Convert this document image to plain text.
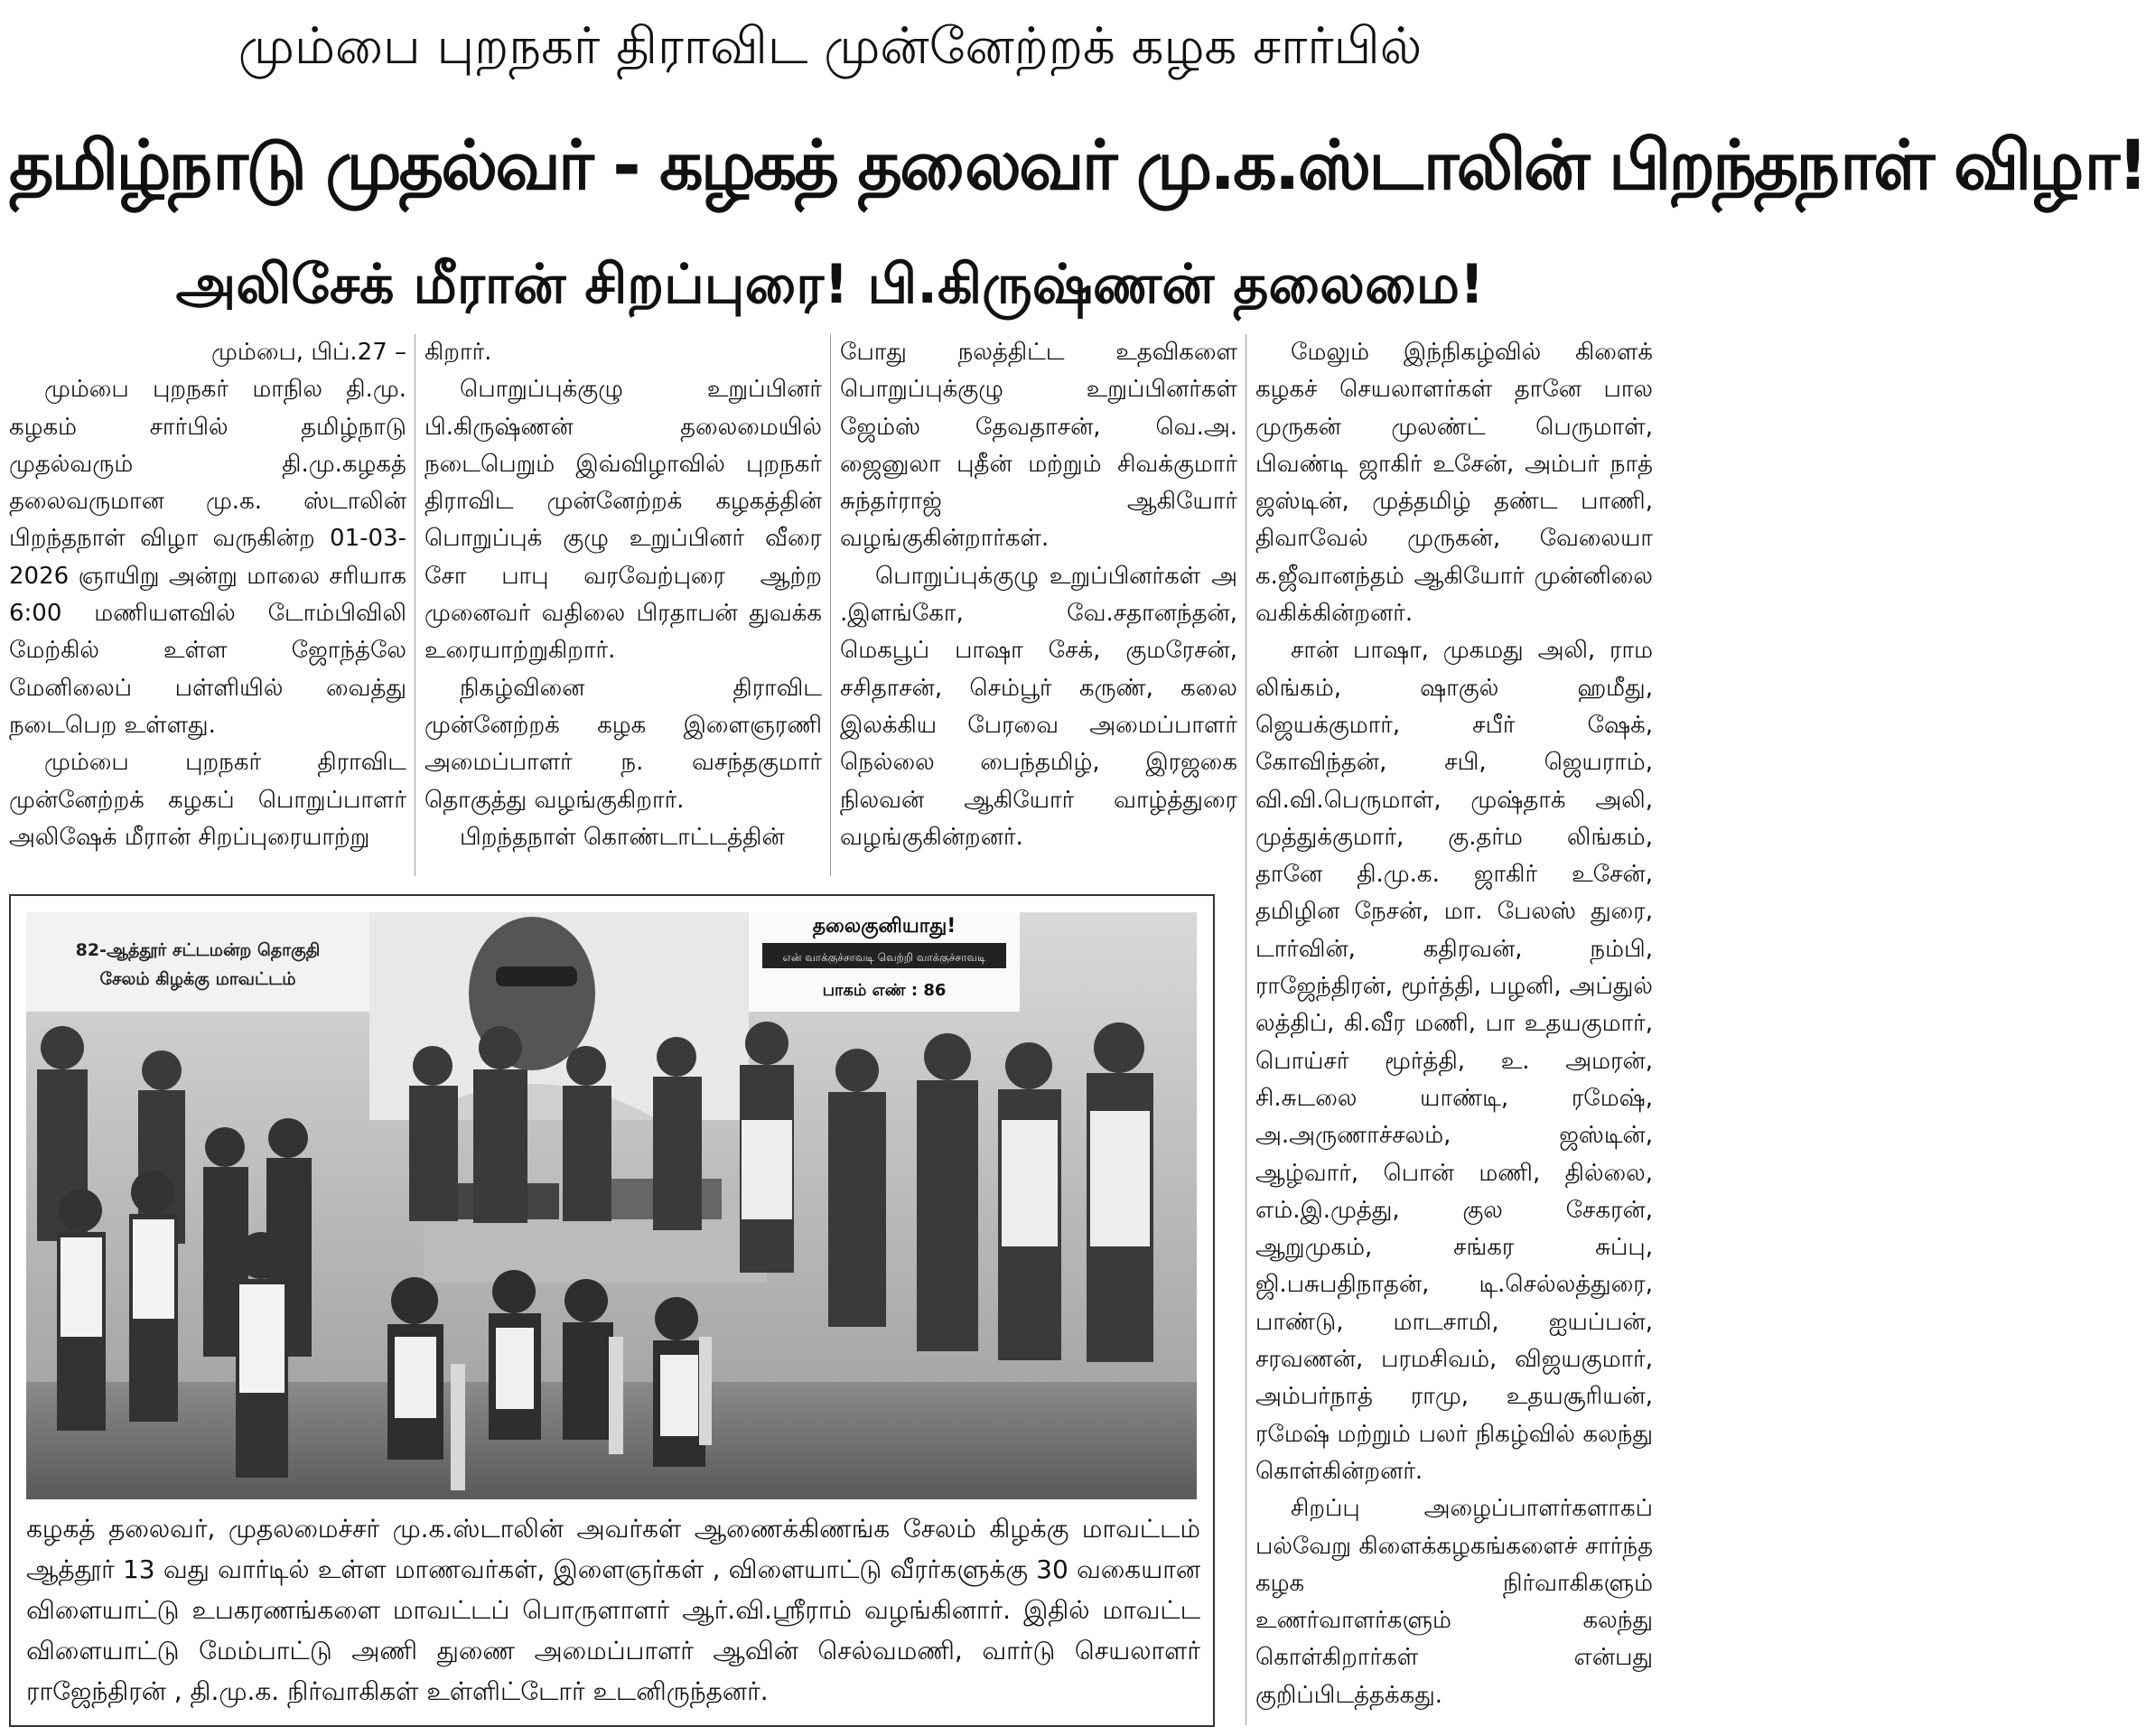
மும்பை புறநகர் திராவிட முன்னேற்றக் கழக சார்பில்
தமிழ்நாடு முதல்வர் - கழகத் தலைவர் மு.க.ஸ்டாலின் பிறந்தநாள் விழா!
அலிசேக் மீரான் சிறப்புரை! பி.கிருஷ்ணன் தலைமை!

மும்பை, பிப்.27 –

மும்பை புறநகர் மாநில தி.மு. கழகம் சார்பில் தமிழ்நாடு முதல்வரும் தி.மு.கழகத் தலைவருமான மு.க. ஸ்டாலின் பிறந்தநாள் விழா வருகின்ற 01-03-2026 ஞாயிறு அன்று மாலை சரியாக 6:00 மணியளவில் டோம்பிவிலி மேற்கில் உள்ள ஜோந்த்லே மேனிலைப் பள்ளியில் வைத்து நடைபெற உள்ளது.

மும்பை புறநகர் திராவிட முன்னேற்றக் கழகப் பொறுப்பாளர் அலிஷேக் மீரான் சிறப்புரையாற்று

கிறார்.

பொறுப்புக்குழு உறுப்பினர் பி.கிருஷ்ணன் தலைமையில் நடைபெறும் இவ்விழாவில் புறநகர் திராவிட முன்னேற்றக் கழகத்தின் பொறுப்புக் குழு உறுப்பினர் வீரை சோ பாபு வரவேற்புரை ஆற்ற முனைவர் வதிலை பிரதாபன் துவக்க உரையாற்றுகிறார்.

நிகழ்வினை திராவிட முன்னேற்றக் கழக இளைஞரணி அமைப்பாளர் ந. வசந்தகுமார் தொகுத்து வழங்குகிறார்.

பிறந்தநாள் கொண்டாட்டத்தின்

போது நலத்திட்ட உதவிகளை பொறுப்புக்குழு உறுப்பினர்கள் ஜேம்ஸ் தேவதாசன், வெ.அ. ஜைனுலா புதீன் மற்றும் சிவக்குமார் சுந்தர்ராஜ் ஆகியோர் வழங்குகின்றார்கள்.

பொறுப்புக்குழு உறுப்பினர்கள் அ .இளங்கோ, வே.சதானந்தன், மெகபூப் பாஷா சேக், குமரேசன், சசிதாசன், செம்பூர் கருண், கலை இலக்கிய பேரவை அமைப்பாளர் நெல்லை பைந்தமிழ், இரஜகை நிலவன் ஆகியோர் வாழ்த்துரை வழங்குகின்றனர்.

மேலும் இந்நிகழ்வில் கிளைக் கழகச் செயலாளர்கள் தானே பால முருகன் முலண்ட் பெருமாள், பிவண்டி ஜாகிர் உசேன், அம்பர் நாத் ஜஸ்டின், முத்தமிழ் தண்ட பாணி, திவாவேல் முருகன், வேலையா க.ஜீவானந்தம் ஆகியோர் முன்னிலை வகிக்கின்றனர்.

சான் பாஷா, முகமது அலி, ராம லிங்கம், ஷாகுல் ஹமீது, ஜெயக்குமார், சபீர் ஷேக், கோவிந்தன், சபி, ஜெயராம், வி.வி.பெருமாள், முஷ்தாக் அலி, முத்துக்குமார், கு.தர்ம லிங்கம், தானே தி.மு.க. ஜாகிர் உசேன், தமிழின நேசன், மா. பேலஸ் துரை, டார்வின், கதிரவன், நம்பி, ராஜேந்திரன், மூர்த்தி, பழனி, அப்துல் லத்திப், கி.வீர மணி, பா உதயகுமார், பொய்சர் மூர்த்தி, உ. அமரன், சி.சுடலை யாண்டி, ரமேஷ், அ.அருணாச்சலம், ஜஸ்டின், ஆழ்வார், பொன் மணி, தில்லை, எம்.இ.முத்து, குல சேகரன், ஆறுமுகம், சங்கர சுப்பு, ஜி.பசுபதிநாதன், டி.செல்லத்துரை, பாண்டு, மாடசாமி, ஐயப்பன், சரவணன், பரமசிவம், விஜயகுமார், அம்பர்நாத் ராமு, உதயசூரியன், ரமேஷ் மற்றும் பலர் நிகழ்வில் கலந்து கொள்கின்றனர்.

சிறப்பு அழைப்பாளர்களாகப் பல்வேறு கிளைக்கழகங்களைச் சார்ந்த கழக நிர்வாகிகளும் உணர்வாளர்களும் கலந்து கொள்கிறார்கள் என்பது குறிப்பிடத்தக்கது.

82-ஆத்தூர் சட்டமன்ற தொகுதி
சேலம் கிழக்கு மாவட்டம்
தலைகுனியாது!
என் வாக்குச்சாவடி வெற்றி வாக்குச்சாவடி
பாகம் எண் : 86
கழகத் தலைவர், முதலமைச்சர் மு.க.ஸ்டாலின் அவர்கள் ஆணைக்கிணங்க சேலம் கிழக்கு மாவட்டம் ஆத்தூர் 13 வது வார்டில் உள்ள மாணவர்கள், இளைஞர்கள் , விளையாட்டு வீரர்களுக்கு 30 வகையான விளையாட்டு உபகரணங்களை மாவட்டப் பொருளாளர் ஆர்.வி.ஸ்ரீராம் வழங்கினார். இதில் மாவட்ட விளையாட்டு மேம்பாட்டு அணி துணை அமைப்பாளர் ஆவின் செல்வமணி, வார்டு செயலாளர் ராஜேந்திரன் , தி.மு.க. நிர்வாகிகள் உள்ளிட்டோர் உடனிருந்தனர்.
